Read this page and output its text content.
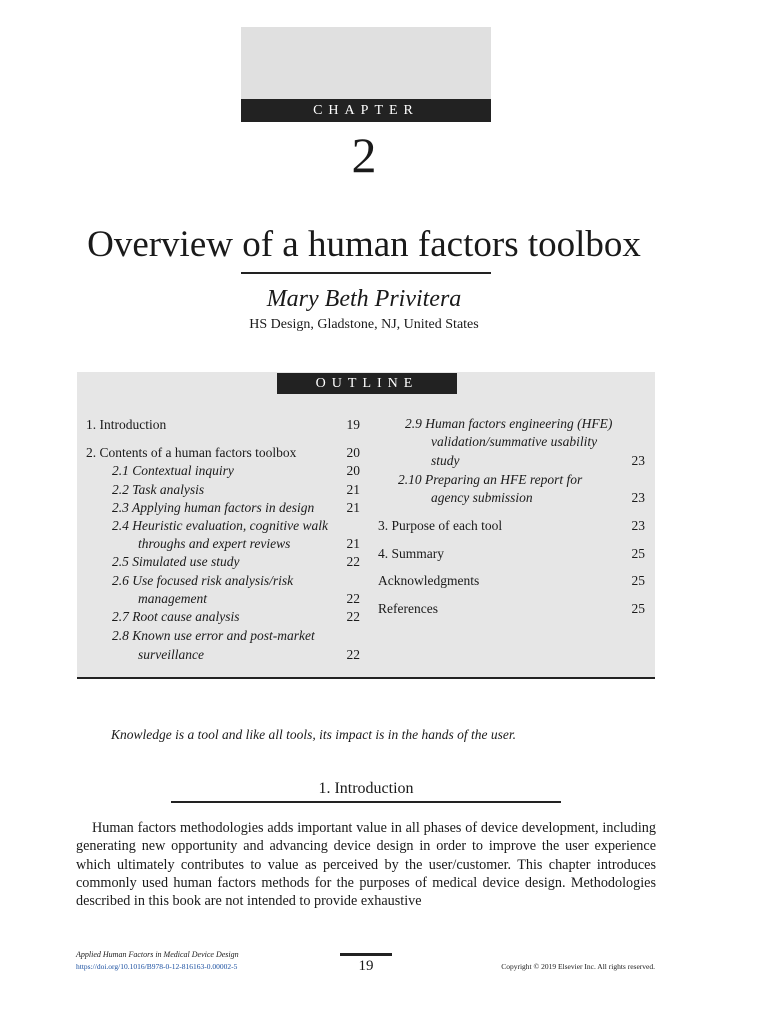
CHAPTER
2
Overview of a human factors toolbox
Mary Beth Privitera
HS Design, Gladstone, NJ, United States
OUTLINE
1. Introduction	19
2. Contents of a human factors toolbox	20
2.1 Contextual inquiry	20
2.2 Task analysis	21
2.3 Applying human factors in design	21
2.4 Heuristic evaluation, cognitive walk
throughs and expert reviews	21
2.5 Simulated use study	22
2.6 Use focused risk analysis/risk
management	22
2.7 Root cause analysis	22
2.8 Known use error and post-market
surveillance	22
2.9 Human factors engineering (HFE)
validation/summative usability
study	23
2.10 Preparing an HFE report for
agency submission	23
3. Purpose of each tool	23
4. Summary	25
Acknowledgments	25
References	25
Knowledge is a tool and like all tools, its impact is in the hands of the user.
1. Introduction
Human factors methodologies adds important value in all phases of device development, including generating new opportunity and advancing device design in order to improve the user experience which ultimately contributes to value as perceived by the user/customer. This chapter introduces commonly used human factors methods for the purposes of medical device design. Methodologies described in this book are not intended to provide exhaustive
Applied Human Factors in Medical Device Design
https://doi.org/10.1016/B978-0-12-816163-0.00002-5	19	Copyright © 2019 Elsevier Inc. All rights reserved.
